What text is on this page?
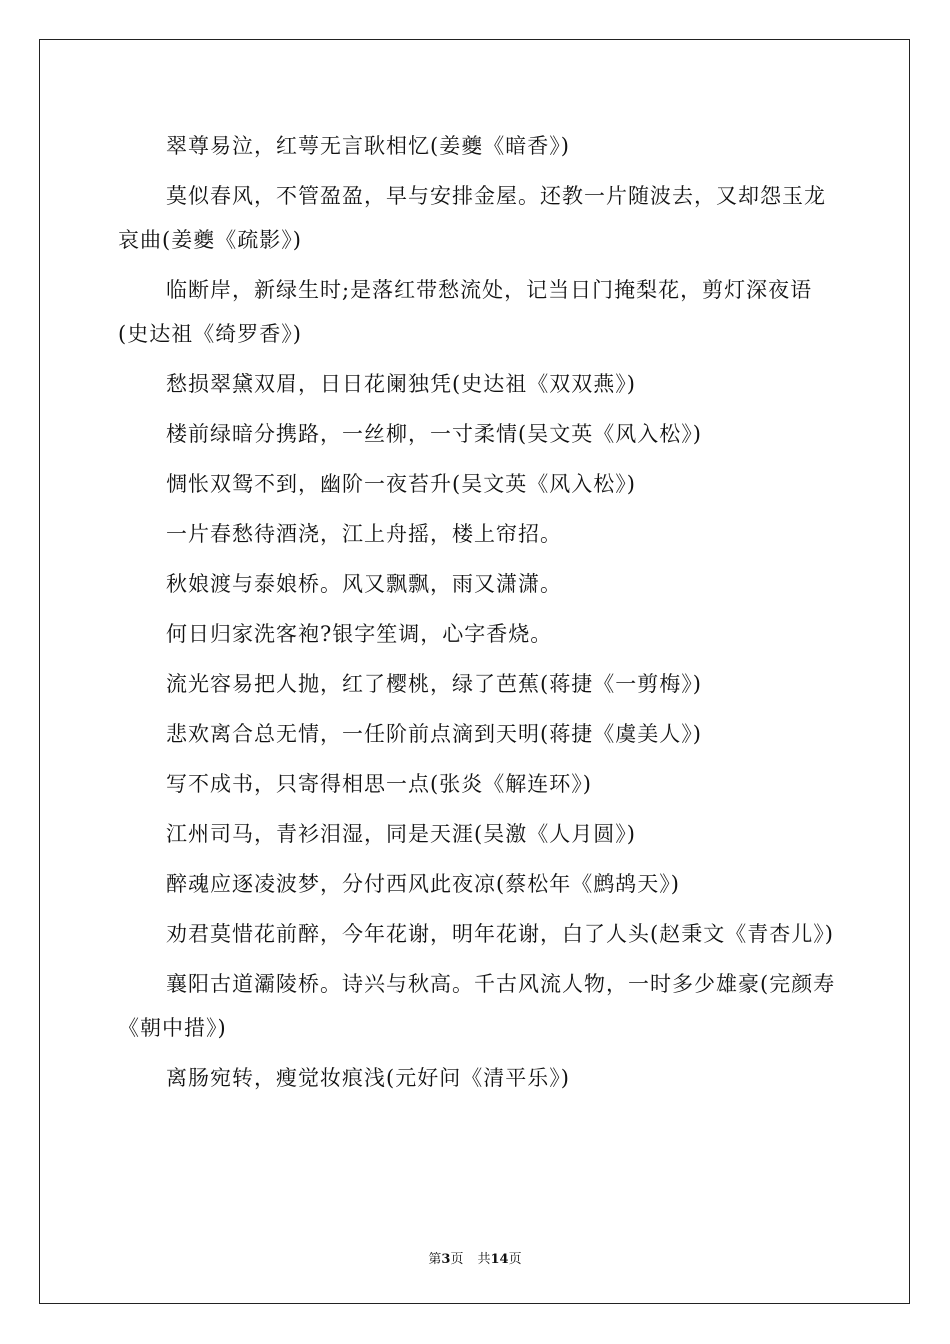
翠尊易泣，红萼无言耿相忆(姜夔《暗香》)

莫似春风，不管盈盈，早与安排金屋。还教一片随波去，又却怨玉龙哀曲(姜夔《疏影》)

临断岸，新绿生时;是落红带愁流处，记当日门掩梨花，剪灯深夜语(史达祖《绮罗香》)

愁损翠黛双眉，日日花阑独凭(史达祖《双双燕》)

楼前绿暗分携路，一丝柳，一寸柔情(吴文英《风入松》)

惆怅双鸳不到，幽阶一夜苔升(吴文英《风入松》)

一片春愁待酒浇，江上舟摇，楼上帘招。

秋娘渡与泰娘桥。风又飘飘，雨又潇潇。

何日归家洗客袍?银字笙调，心字香烧。

流光容易把人抛，红了樱桃，绿了芭蕉(蒋捷《一剪梅》)

悲欢离合总无情，一任阶前点滴到天明(蒋捷《虞美人》)

写不成书，只寄得相思一点(张炎《解连环》)

江州司马，青衫泪湿，同是天涯(吴激《人月圆》)

醉魂应逐凌波梦，分付西风此夜凉(蔡松年《鹧鸪天》)

劝君莫惜花前醉，今年花谢，明年花谢，白了人头(赵秉文《青杏儿》)

襄阳古道灞陵桥。诗兴与秋高。千古风流人物，一时多少雄豪(完颜寿《朝中措》)

离肠宛转，瘦觉妆痕浅(元好问《清平乐》)

第3页 共14页
